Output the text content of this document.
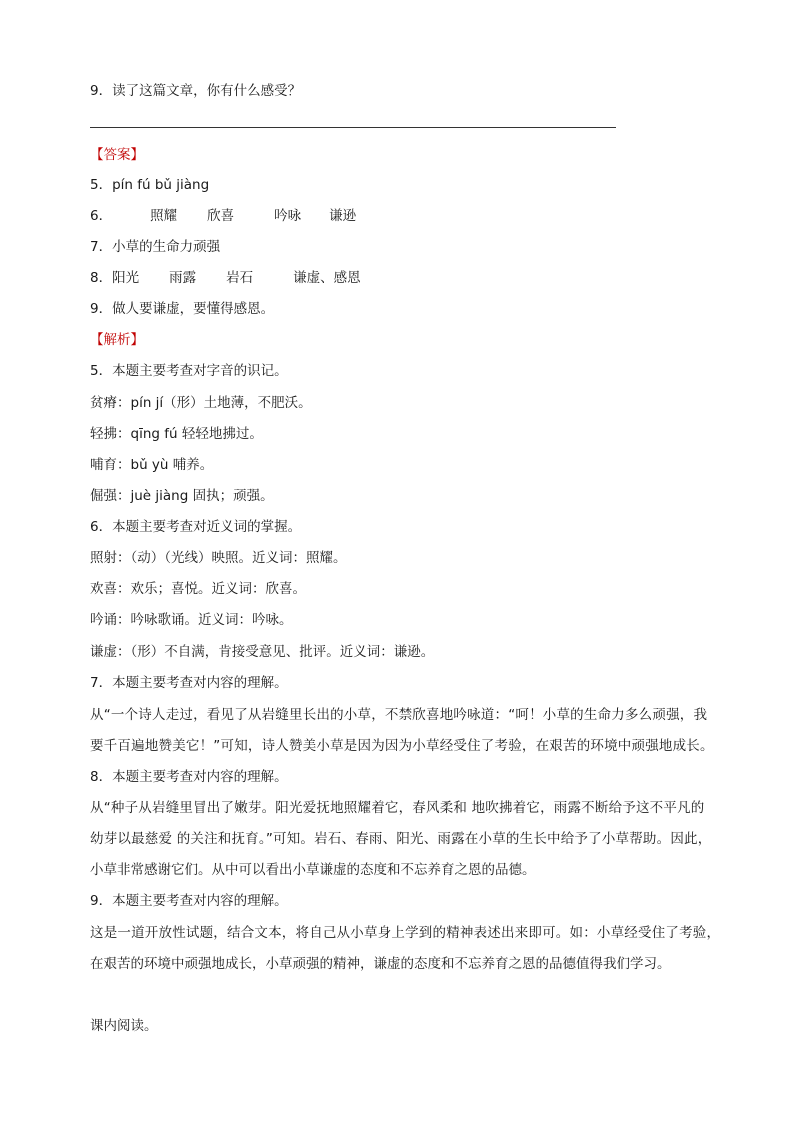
9．读了这篇文章，你有什么感受？
【答案】
5．pín fú bǔ jiàng
6．	照耀 欣喜	吟咏 谦逊
7．小草的生命力顽强
8．阳光 雨露 岩石	谦虚、感恩
9．做人要谦虚，要懂得感恩。
【解析】
5．本题主要考查对字音的识记。
贫瘠：pín jí（形）土地薄，不肥沃。
轻拂：qīng fú 轻轻地拂过。
哺育：bǔ yù 哺养。
倔强：juè jiàng 固执；顽强。
6．本题主要考查对近义词的掌握。
照射：（动）（光线）映照。近义词：照耀。
欢喜：欢乐；喜悦。近义词：欣喜。
吟诵：吟咏歌诵。近义词：吟咏。
谦虚：（形）不自满，肯接受意见、批评。近义词：谦逊。
7．本题主要考查对内容的理解。
从“一个诗人走过，看见了从岩缝里长出的小草，不禁欣喜地吟咏道：“呵！小草的生命力多么顽强，我
要千百遍地赞美它！”可知，诗人赞美小草是因为因为小草经受住了考验，在艰苦的环境中顽强地成长。
8．本题主要考查对内容的理解。
从“种子从岩缝里冒出了嫩芽。阳光爱抚地照耀着它，春风柔和 地吹拂着它，雨露不断给予这不平凡的
幼芽以最慈爱 的关注和抚育。”可知。岩石、春雨、阳光、雨露在小草的生长中给予了小草帮助。因此，
小草非常感谢它们。从中可以看出小草谦虚的态度和不忘养育之恩的品德。
9．本题主要考查对内容的理解。
这是一道开放性试题，结合文本，将自己从小草身上学到的精神表述出来即可。如：小草经受住了考验，
在艰苦的环境中顽强地成长，小草顽强的精神，谦虚的态度和不忘养育之恩的品德值得我们学习。
课内阅读。
